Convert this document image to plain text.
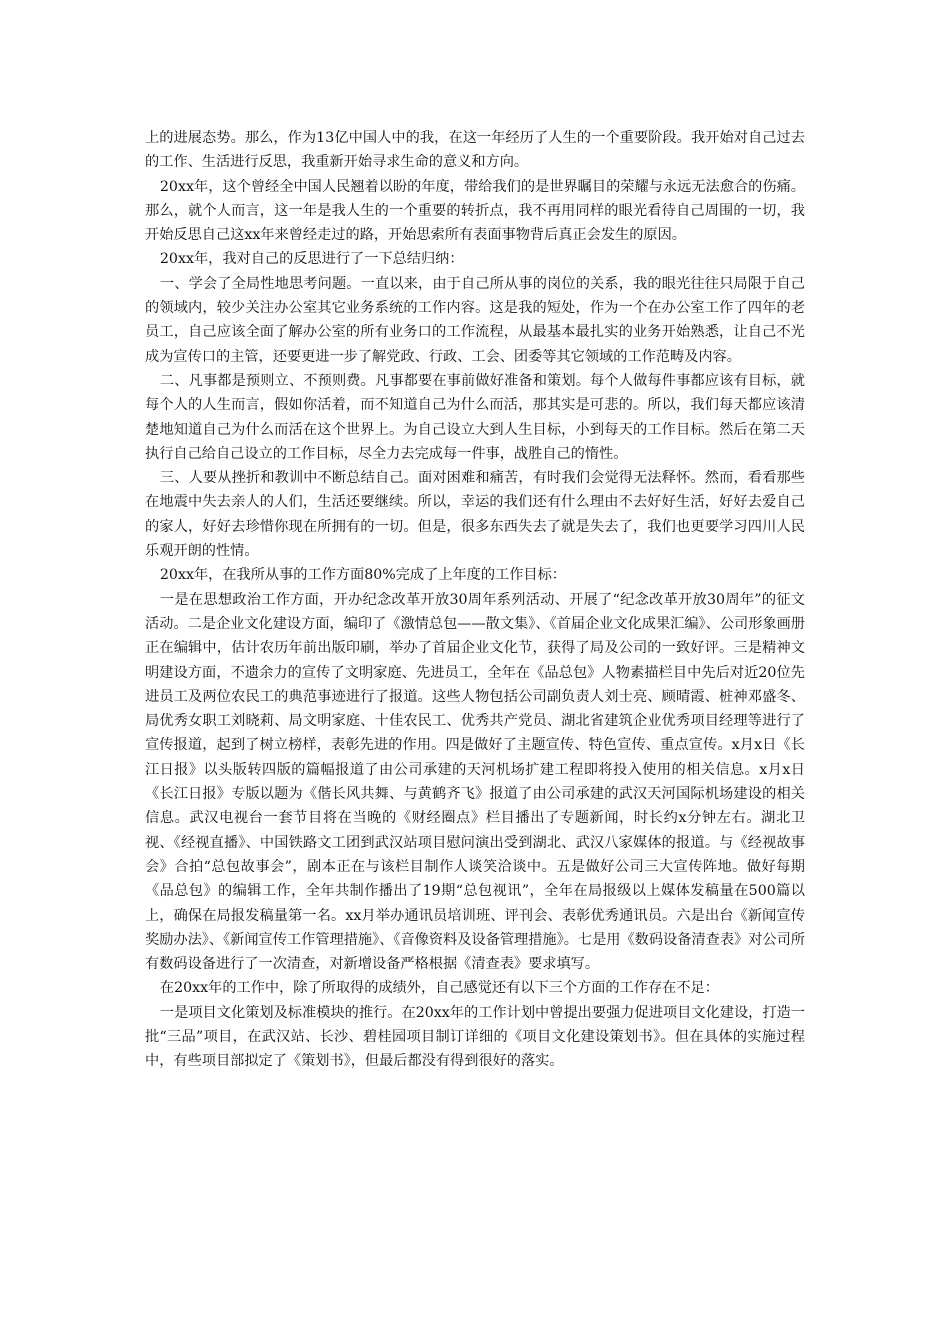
上的进展态势。那么，作为13亿中国人中的我，在这一年经历了人生的一个重要阶段。我开始对自己过去的工作、生活进行反思，我重新开始寻求生命的意义和方向。

20xx年，这个曾经全中国人民翘着以盼的年度，带给我们的是世界瞩目的荣耀与永远无法愈合的伤痛。那么，就个人而言，这一年是我人生的一个重要的转折点，我不再用同样的眼光看待自己周围的一切，我开始反思自己这xx年来曾经走过的路，开始思索所有表面事物背后真正会发生的原因。

20xx年，我对自己的反思进行了一下总结归纳：

一、学会了全局性地思考问题。一直以来，由于自己所从事的岗位的关系，我的眼光往往只局限于自己的领域内，较少关注办公室其它业务系统的工作内容。这是我的短处，作为一个在办公室工作了四年的老员工，自己应该全面了解办公室的所有业务口的工作流程，从最基本最扎实的业务开始熟悉，让自己不光成为宣传口的主管，还要更进一步了解党政、行政、工会、团委等其它领域的工作范畴及内容。

二、凡事都是预则立、不预则费。凡事都要在事前做好准备和策划。每个人做每件事都应该有目标，就每个人的人生而言，假如你活着，而不知道自己为什么而活，那其实是可悲的。所以，我们每天都应该清楚地知道自己为什么而活在这个世界上。为自己设立大到人生目标，小到每天的工作目标。然后在第二天执行自己给自己设立的工作目标，尽全力去完成每一件事，战胜自己的惰性。

三、人要从挫折和教训中不断总结自己。面对困难和痛苦，有时我们会觉得无法释怀。然而，看看那些在地震中失去亲人的人们，生活还要继续。所以，幸运的我们还有什么理由不去好好生活，好好去爱自己的家人，好好去珍惜你现在所拥有的一切。但是，很多东西失去了就是失去了，我们也更要学习四川人民乐观开朗的性情。

20xx年，在我所从事的工作方面80%完成了上年度的工作目标：

一是在思想政治工作方面，开办纪念改革开放30周年系列活动、开展了“纪念改革开放30周年”的征文活动。二是企业文化建设方面，编印了《激情总包——散文集》、《首届企业文化成果汇编》、公司形象画册正在编辑中，估计农历年前出版印刷，举办了首届企业文化节，获得了局及公司的一致好评。三是精神文明建设方面，不遗余力的宣传了文明家庭、先进员工，全年在《品总包》人物素描栏目中先后对近20位先进员工及两位农民工的典范事迹进行了报道。这些人物包括公司副负责人刘士亮、顾晴霞、桩神邓盛冬、局优秀女职工刘晓莉、局文明家庭、十佳农民工、优秀共产党员、湖北省建筑企业优秀项目经理等进行了宣传报道，起到了树立榜样，表彰先进的作用。四是做好了主题宣传、特色宣传、重点宣传。x月x日《长江日报》以头版转四版的篇幅报道了由公司承建的天河机场扩建工程即将投入使用的相关信息。x月x日《长江日报》专版以题为《偕长风共舞、与黄鹤齐飞》报道了由公司承建的武汉天河国际机场建设的相关信息。武汉电视台一套节目将在当晚的《财经圈点》栏目播出了专题新闻，时长约x分钟左右。湖北卫视、《经视直播》、中国铁路文工团到武汉站项目慰问演出受到湖北、武汉八家媒体的报道。与《经视故事会》合拍“总包故事会”，剧本正在与该栏目制作人谈笑洽谈中。五是做好公司三大宣传阵地。做好每期《品总包》的编辑工作，全年共制作播出了19期“总包视讯”，全年在局报级以上媒体发稿量在500篇以上，确保在局报发稿量第一名。xx月举办通讯员培训班、评刊会、表彰优秀通讯员。六是出台《新闻宣传奖励办法》、《新闻宣传工作管理措施》、《音像资料及设备管理措施》。七是用《数码设备清查表》对公司所有数码设备进行了一次清查，对新增设备严格根据《清查表》要求填写。

在20xx年的工作中，除了所取得的成绩外，自己感觉还有以下三个方面的工作存在不足：

一是项目文化策划及标准模块的推行。在20xx年的工作计划中曾提出要强力促进项目文化建设，打造一批“三品”项目，在武汉站、长沙、碧桂园项目制订详细的《项目文化建设策划书》。但在具体的实施过程中，有些项目部拟定了《策划书》，但最后都没有得到很好的落实。
